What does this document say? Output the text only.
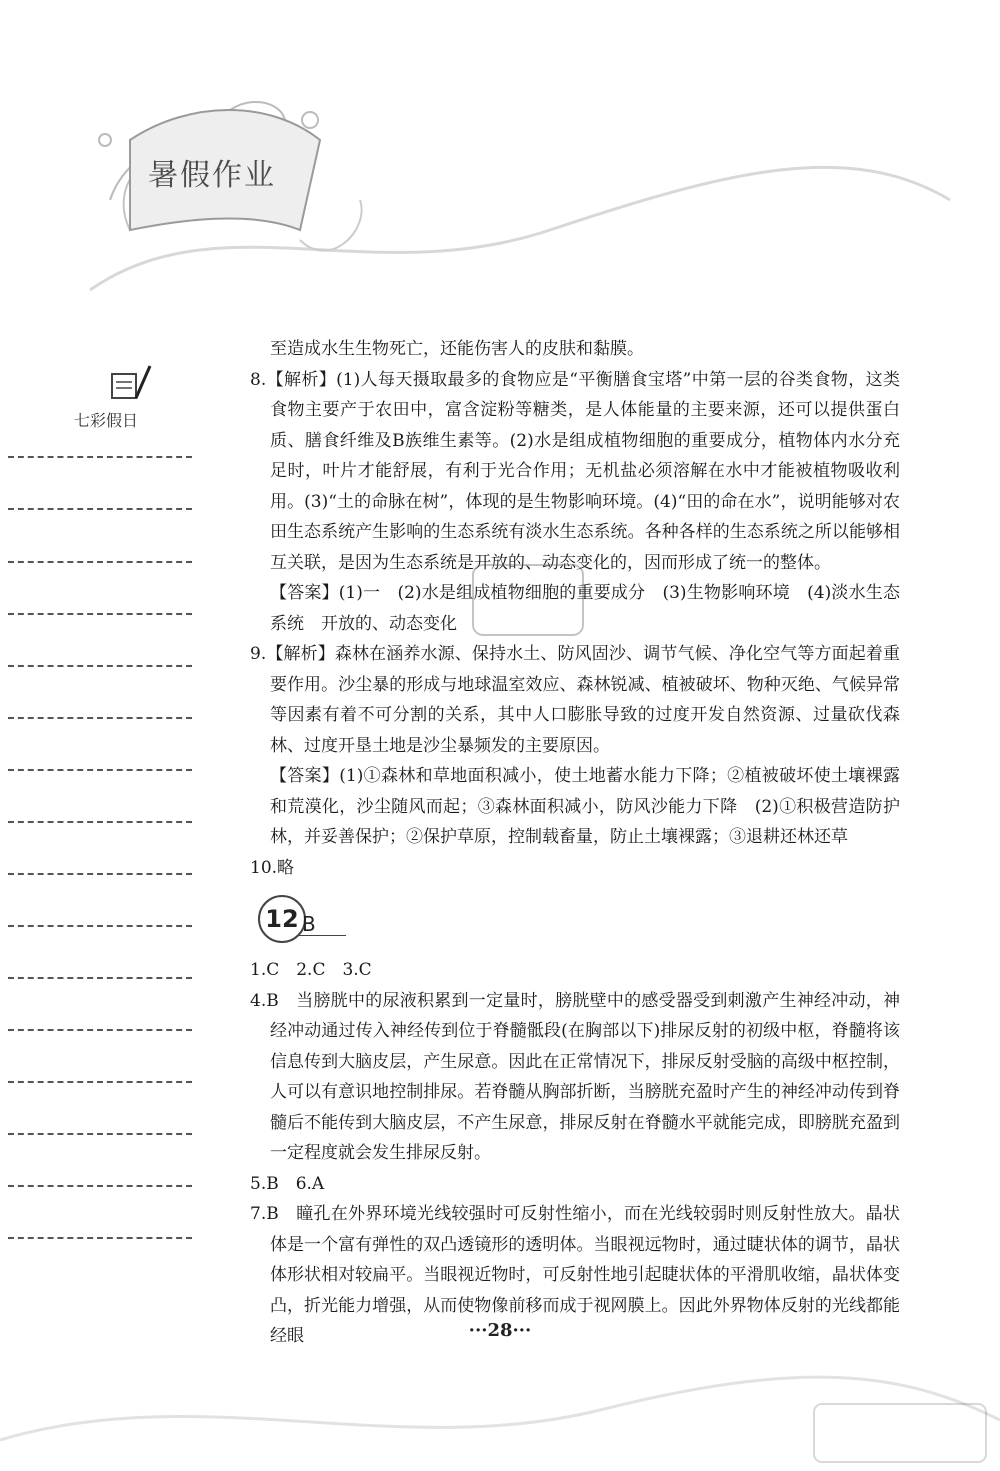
暑假作业
七彩假日

至造成水生生物死亡，还能伤害人的皮肤和黏膜。

8.【解析】(1)人每天摄取最多的食物应是“平衡膳食宝塔”中第一层的谷类食物，这类食物主要产于农田中，富含淀粉等糖类，是人体能量的主要来源，还可以提供蛋白质、膳食纤维及B族维生素等。(2)水是组成植物细胞的重要成分，植物体内水分充足时，叶片才能舒展，有利于光合作用；无机盐必须溶解在水中才能被植物吸收利用。(3)“土的命脉在树”，体现的是生物影响环境。(4)“田的命在水”，说明能够对农田生态系统产生影响的生态系统有淡水生态系统。各种各样的生态系统之所以能够相互关联，是因为生态系统是开放的、动态变化的，因而形成了统一的整体。

【答案】(1)一　(2)水是组成植物细胞的重要成分　(3)生物影响环境　(4)淡水生态系统　开放的、动态变化

9.【解析】森林在涵养水源、保持水土、防风固沙、调节气候、净化空气等方面起着重要作用。沙尘暴的形成与地球温室效应、森林锐减、植被破坏、物种灭绝、气候异常等因素有着不可分割的关系，其中人口膨胀导致的过度开发自然资源、过量砍伐森林、过度开垦土地是沙尘暴频发的主要原因。

【答案】(1)①森林和草地面积减小，使土地蓄水能力下降；②植被破坏使土壤裸露和荒漠化，沙尘随风而起；③森林面积减小，防风沙能力下降　(2)①积极营造防护林，并妥善保护；②保护草原，控制载畜量，防止土壤裸露；③退耕还林还草

10.略

12 B

1.C　2.C　3.C

4.B　当膀胱中的尿液积累到一定量时，膀胱壁中的感受器受到刺激产生神经冲动，神经冲动通过传入神经传到位于脊髓骶段(在胸部以下)排尿反射的初级中枢，脊髓将该信息传到大脑皮层，产生尿意。因此在正常情况下，排尿反射受脑的高级中枢控制，人可以有意识地控制排尿。若脊髓从胸部折断，当膀胱充盈时产生的神经冲动传到脊髓后不能传到大脑皮层，不产生尿意，排尿反射在脊髓水平就能完成，即膀胱充盈到一定程度就会发生排尿反射。

5.B　6.A

7.B　瞳孔在外界环境光线较强时可反射性缩小，而在光线较弱时则反射性放大。晶状体是一个富有弹性的双凸透镜形的透明体。当眼视远物时，通过睫状体的调节，晶状体形状相对较扁平。当眼视近物时，可反射性地引起睫状体的平滑肌收缩，晶状体变凸，折光能力增强，从而使物像前移而成于视网膜上。因此外界物体反射的光线都能经眼	···28···
